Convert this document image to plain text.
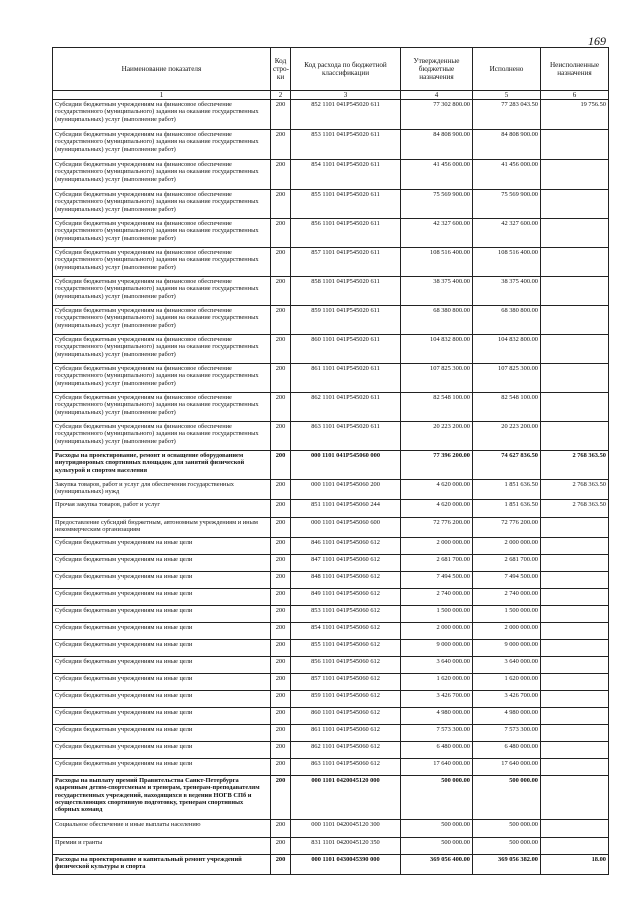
169
Наименование показателя	Код стро-ки	Код расхода по бюджетной классификации	Утвержденные бюджетные назначения	Исполнено	Неисполненные назначения
1	2	3	4	5	6
Субсидии бюджетным учреждениям на финансовое обеспечение государственного (муниципального) задания на оказание государственных (муниципальных) услуг (выполнение работ)	200	852 1101 041P545020 611	77 302 800.00	77 283 043.50	19 756.50
Субсидии бюджетным учреждениям на финансовое обеспечение государственного (муниципального) задания на оказание государственных (муниципальных) услуг (выполнение работ)	200	853 1101 041P545020 611	84 808 900.00	84 808 900.00	
Субсидии бюджетным учреждениям на финансовое обеспечение государственного (муниципального) задания на оказание государственных (муниципальных) услуг (выполнение работ)	200	854 1101 041P545020 611	41 456 000.00	41 456 000.00	
Субсидии бюджетным учреждениям на финансовое обеспечение государственного (муниципального) задания на оказание государственных (муниципальных) услуг (выполнение работ)	200	855 1101 041P545020 611	75 569 900.00	75 569 900.00	
Субсидии бюджетным учреждениям на финансовое обеспечение государственного (муниципального) задания на оказание государственных (муниципальных) услуг (выполнение работ)	200	856 1101 041P545020 611	42 327 600.00	42 327 600.00	
Субсидии бюджетным учреждениям на финансовое обеспечение государственного (муниципального) задания на оказание государственных (муниципальных) услуг (выполнение работ)	200	857 1101 041P545020 611	108 516 400.00	108 516 400.00	
Субсидии бюджетным учреждениям на финансовое обеспечение государственного (муниципального) задания на оказание государственных (муниципальных) услуг (выполнение работ)	200	858 1101 041P545020 611	38 375 400.00	38 375 400.00	
Субсидии бюджетным учреждениям на финансовое обеспечение государственного (муниципального) задания на оказание государственных (муниципальных) услуг (выполнение работ)	200	859 1101 041P545020 611	68 380 800.00	68 380 800.00	
Субсидии бюджетным учреждениям на финансовое обеспечение государственного (муниципального) задания на оказание государственных (муниципальных) услуг (выполнение работ)	200	860 1101 041P545020 611	104 832 800.00	104 832 800.00	
Субсидии бюджетным учреждениям на финансовое обеспечение государственного (муниципального) задания на оказание государственных (муниципальных) услуг (выполнение работ)	200	861 1101 041P545020 611	107 825 300.00	107 825 300.00	
Субсидии бюджетным учреждениям на финансовое обеспечение государственного (муниципального) задания на оказание государственных (муниципальных) услуг (выполнение работ)	200	862 1101 041P545020 611	82 548 100.00	82 548 100.00	
Субсидии бюджетным учреждениям на финансовое обеспечение государственного (муниципального) задания на оказание государственных (муниципальных) услуг (выполнение работ)	200	863 1101 041P545020 611	20 223 200.00	20 223 200.00	
Расходы на проектирование, ремонт и оснащение оборудованием внутридворовых спортивных площадок для занятий физической культурой и спортом населения	200	000 1101 041P545060 000	77 396 200.00	74 627 836.50	2 768 363.50
Закупка товаров, работ и услуг для обеспечения государственных (муниципальных) нужд	200	000 1101 041P545060 200	4 620 000.00	1 851 636.50	2 768 363.50
Прочая закупка товаров, работ и услуг	200	851 1101 041P545060 244	4 620 000.00	1 851 636.50	2 768 363.50
Предоставление субсидий бюджетным, автономным учреждениям и иным некоммерческим организациям	200	000 1101 041P545060 600	72 776 200.00	72 776 200.00	
Субсидии бюджетным учреждениям на иные цели	200	846 1101 041P545060 612	2 000 000.00	2 000 000.00	
Субсидии бюджетным учреждениям на иные цели	200	847 1101 041P545060 612	2 681 700.00	2 681 700.00	
Субсидии бюджетным учреждениям на иные цели	200	848 1101 041P545060 612	7 494 500.00	7 494 500.00	
Субсидии бюджетным учреждениям на иные цели	200	849 1101 041P545060 612	2 740 000.00	2 740 000.00	
Субсидии бюджетным учреждениям на иные цели	200	853 1101 041P545060 612	1 500 000.00	1 500 000.00	
Субсидии бюджетным учреждениям на иные цели	200	854 1101 041P545060 612	2 000 000.00	2 000 000.00	
Субсидии бюджетным учреждениям на иные цели	200	855 1101 041P545060 612	9 000 000.00	9 000 000.00	
Субсидии бюджетным учреждениям на иные цели	200	856 1101 041P545060 612	3 640 000.00	3 640 000.00	
Субсидии бюджетным учреждениям на иные цели	200	857 1101 041P545060 612	1 620 000.00	1 620 000.00	
Субсидии бюджетным учреждениям на иные цели	200	859 1101 041P545060 612	3 426 700.00	3 426 700.00	
Субсидии бюджетным учреждениям на иные цели	200	860 1101 041P545060 612	4 980 000.00	4 980 000.00	
Субсидии бюджетным учреждениям на иные цели	200	861 1101 041P545060 612	7 573 300.00	7 573 300.00	
Субсидии бюджетным учреждениям на иные цели	200	862 1101 041P545060 612	6 480 000.00	6 480 000.00	
Субсидии бюджетным учреждениям на иные цели	200	863 1101 041P545060 612	17 640 000.00	17 640 000.00	
Расходы на выплату премий Правительства Санкт-Петербурга одаренным детям-спортсменам и тренерам, тренерам-преподавателям государственных учреждений, находящихся в ведении НОГВ СПб и осуществляющих спортивную подготовку, тренерам спортивных сборных команд	200	000 1101 0420045120 000	500 000.00	500 000.00	
Социальное обеспечение и иные выплаты населению	200	000 1101 0420045120 300	500 000.00	500 000.00	
Премии и гранты	200	831 1101 0420045120 350	500 000.00	500 000.00	
Расходы на проектирование и капитальный ремонт учреждений физической культуры и спорта	200	000 1101 0430045390 000	369 056 400.00	369 056 382.00	18.00
